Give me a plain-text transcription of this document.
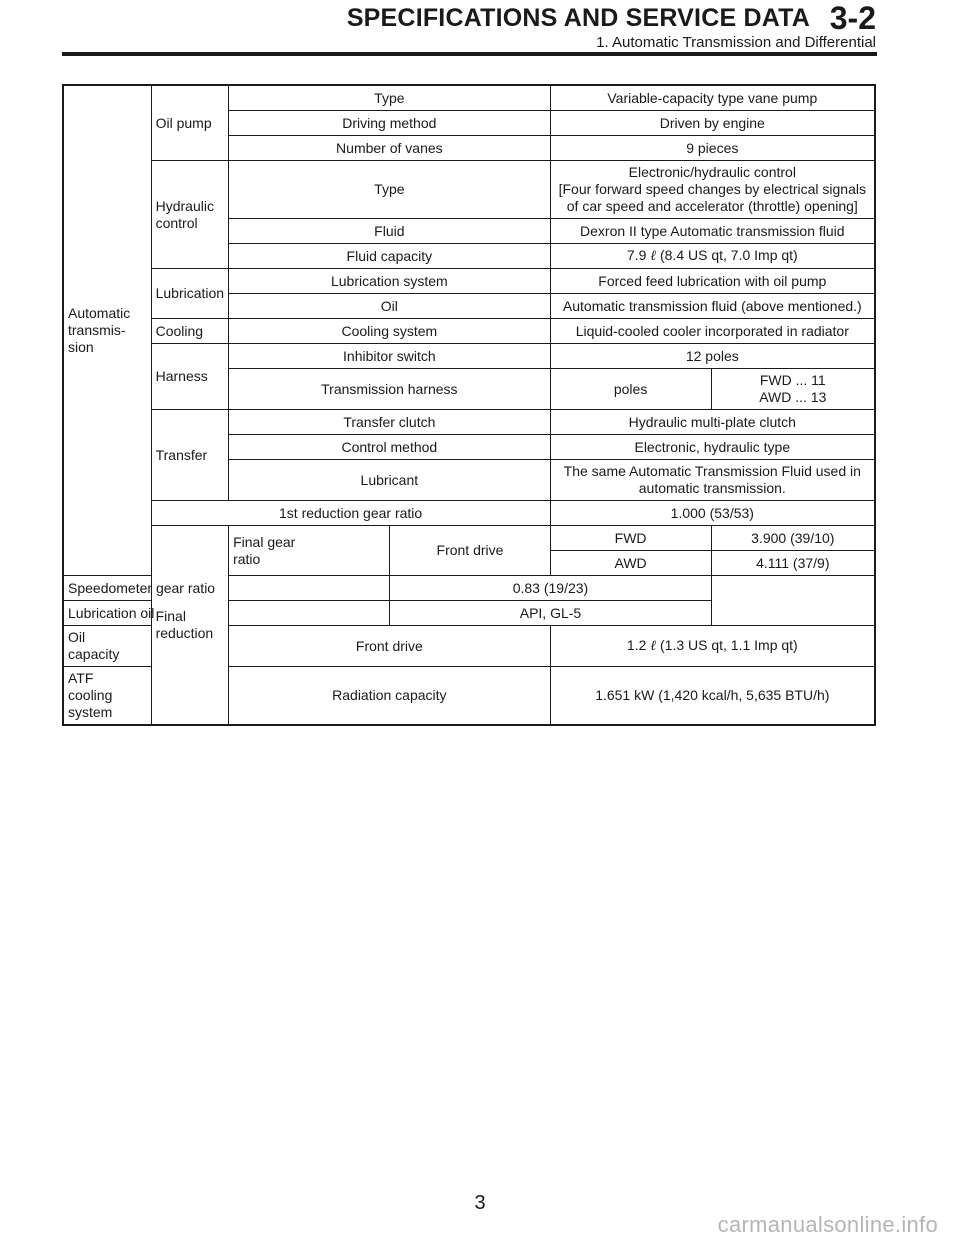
SPECIFICATIONS AND SERVICE DATA 3-2
1. Automatic Transmission and Differential
Automatic transmis- sion	Oil pump	Type		Variable-capacity type vane pump	
		Driving method		Driven by engine	
		Number of vanes		9 pieces	

	Hydraulic control	Type		Electronic/hydraulic control
[Four forward speed changes by electrical signals
of car speed and accelerator (throttle) opening]	

		Fluid		Dexron II type Automatic transmission fluid	
		Fluid capacity		7.9 ℓ (8.4 US qt, 7.0 Imp qt)	
	Lubrication	Lubrication system		Forced feed lubrication with oil pump	
		Oil		Automatic transmission fluid (above mentioned.)	
	Cooling	Cooling system		Liquid-cooled cooler incorporated in radiator	
	Harness	Inhibitor switch		12 poles	
		Transmission harness		poles	FWD ... 11
AWD ... 13

	Transfer	Transfer clutch		Hydraulic multi-plate clutch	
		Control method		Electronic, hydraulic type	
		Lubricant		The same Automatic Transmission Fluid used in
automatic transmission.	

	1st reduction gear ratio			1.000 (53/53)	

	Final reduction	Final gear ratio	Front drive	FWD	3.900 (39/10)
				AWD	4.111 (37/9)
Speedometer gear ratio			0.83 (19/23)		
Lubrication oil			API, GL-5		

Oil capacity		Front drive		1.2 ℓ (1.3 US qt, 1.1 Imp qt)	

ATF cooling system		Radiation capacity		1.651 kW (1,420 kcal/h, 5,635 BTU/h)	
3
carmanualsonline.info
